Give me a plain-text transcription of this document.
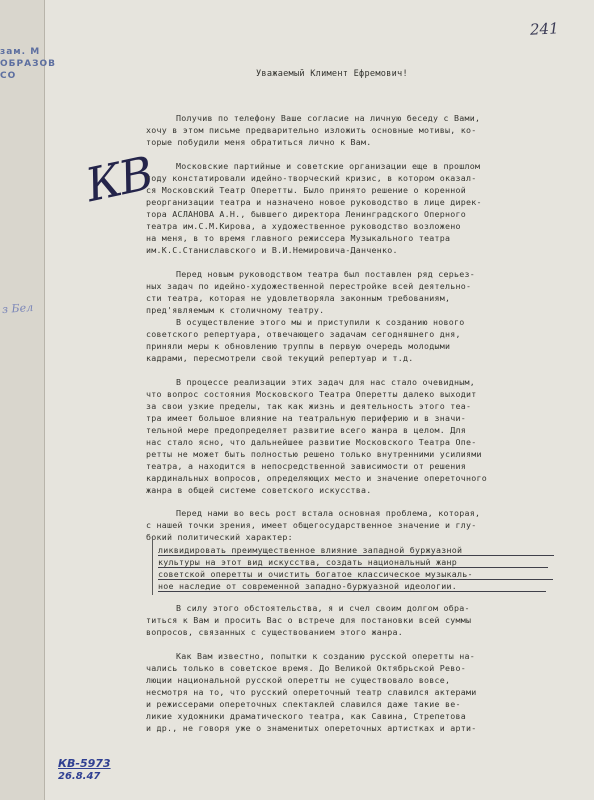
зам. М
ОБРАЗОВ
СО
з Бел
241
КВ
Уважаемый Климент Ефремович!
Получив по телефону Ваше согласие на личную беседу с Вами,
хочу в этом письме предварительно изложить основные мотивы, ко-
торые побудили меня обратиться лично к Вам.
Московские партийные и советские организации еще в прошлом
году констатировали идейно-творческий кризис, в котором оказал-
ся Московский Театр Оперетты. Было принято решение о коренной
реорганизации театра и назначено новое руководство в лице дирек-
тора АСЛАНОВА А.Н., бывшего директора Ленинградского Оперного
театра им.С.М.Кирова, а художественное руководство возложено
на меня, в то время главного режиссера Музыкального театра
им.К.С.Станиславского и В.И.Немировича-Данченко.
Перед новым руководством театра был поставлен ряд серьез-
ных задач по идейно-художественной перестройке всей деятельно-
сти театра, которая не удовлетворяла законным требованиям,
пред'являемым к столичному театру.
В осуществление этого мы и приступили к созданию нового
советского репертуара, отвечающего задачам сегодняшнего дня,
приняли меры к обновлению труппы в первую очередь молодыми
кадрами, пересмотрели свой текущий репертуар и т.д.
В процессе реализации этих задач для нас стало очевидным,
что вопрос состояния Московского Театра Оперетты далеко выходит
за свои узкие пределы, так как жизнь и деятельность этого теа-
тра имеет большое влияние на театральную периферию и в значи-
тельной мере предопределяет развитие всего жанра в целом. Для
нас стало ясно, что дальнейшее развитие Московского Театра Опе-
ретты не может быть полностью решено только внутренними усилиями
театра, а находится в непосредственной зависимости от решения
кардинальных вопросов, определяющих место и значение опереточного
жанра в общей системе советского искусства.
Перед нами во весь рост встала основная проблема, которая,
с нашей точки зрения, имеет общегосударственное значение и глу-
бокий политический характер:
ликвидировать преимущественное влияние западной буржуазной
культуры на этот вид искусства, создать национальный жанр
советской оперетты и очистить богатое классическое музыкаль-
ное наследие от современной западно-буржуазной идеологии.
В силу этого обстоятельства, я и счел своим долгом обра-
титься к Вам и просить Вас о встрече для постановки всей суммы
вопросов, связанных с существованием этого жанра.
Как Вам известно, попытки к созданию русской оперетты на-
чались только в советское время. До Великой Октябрьской Рево-
люции национальной русской оперетты не существовало вовсе,
несмотря на то, что русский опереточный театр славился актерами
и режиссерами опереточных спектаклей славился даже такие ве-
ликие художники драматического театра, как Савина, Стрепетова
и др., не говоря уже о знаменитых опереточных артистках и арти-
КВ-5973
26.8.47
